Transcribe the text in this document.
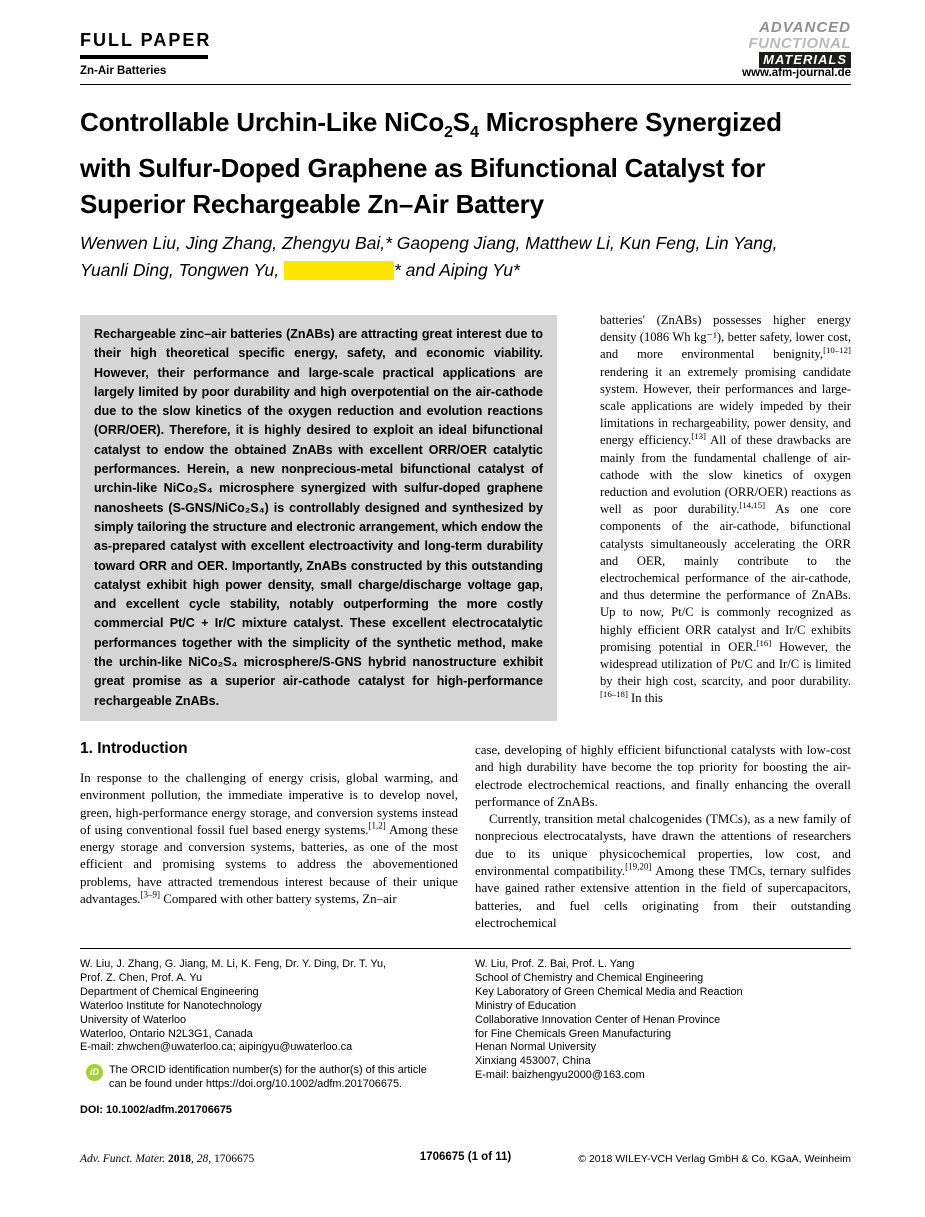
FULL PAPER
Zn-Air Batteries
ADVANCED
FUNCTIONAL
MATERIALS
www.afm-journal.de
Controllable Urchin-Like $NiCo_2S_4$ Microsphere Synergized
with Sulfur-Doped Graphene as Bifunctional Catalyst for
Superior Rechargeable Zn–Air Battery
Wenwen Liu, Jing Zhang, Zhengyu Bai,* Gaopeng Jiang, Matthew Li, Kun Feng, Lin Yang,
Yuanli Ding, Tongwen Yu,	* and Aiping Yu*

Rechargeable zinc–air batteries (ZnABs) are attracting great interest due to their high theoretical specific energy, safety, and economic viability. However, their performance and large-scale practical applications are largely limited by poor durability and high overpotential on the air-cathode due to the slow kinetics of the oxygen reduction and evolution reactions (ORR/OER). Therefore, it is highly desired to exploit an ideal bifunctional catalyst to endow the obtained ZnABs with excellent ORR/OER catalytic performances. Herein, a new nonprecious-metal bifunctional catalyst of urchin-like NiCo₂S₄ microsphere synergized with sulfur-doped graphene nanosheets (S-GNS/NiCo₂S₄) is controllably designed and synthesized by simply tailoring the structure and electronic arrangement, which endow the as-prepared catalyst with excellent electroactivity and long-term durability toward ORR and OER. Importantly, ZnABs constructed by this outstanding catalyst exhibit high power density, small charge/discharge voltage gap, and excellent cycle stability, notably outperforming the more costly commercial Pt/C + Ir/C mixture catalyst. These excellent electrocatalytic performances together with the simplicity of the synthetic method, make the urchin-like NiCo₂S₄ microsphere/S-GNS hybrid nanostructure exhibit great promise as a superior air-cathode catalyst for high-performance rechargeable ZnABs.

batteries' (ZnABs) possesses higher energy density (1086 Wh kg⁻¹), better safety, lower cost, and more environmental benignity,[10–12] rendering it an extremely promising candidate system. However, their performances and large-scale applications are widely impeded by their limitations in rechargeability, power density, and energy efficiency.[13] All of these drawbacks are mainly from the fundamental challenge of air-cathode with the slow kinetics of oxygen reduction and evolution (ORR/OER) reactions as well as poor durability.[14,15] As one core components of the air-cathode, bifunctional catalysts simultaneously accelerating the ORR and OER, mainly contribute to the electrochemical performance of the air-cathode, and thus determine the performance of ZnABs. Up to now, Pt/C is commonly recognized as highly efficient ORR catalyst and Ir/C exhibits promising potential in OER.[16] However, the widespread utilization of Pt/C and Ir/C is limited by their high cost, scarcity, and poor durability.[16–18] In this

1. Introduction

In response to the challenging of energy crisis, global warming, and environment pollution, the immediate imperative is to develop novel, green, high-performance energy storage, and conversion systems instead of using conventional fossil fuel based energy systems.[1,2] Among these energy storage and conversion systems, batteries, as one of the most efficient and promising systems to address the abovementioned problems, have attracted tremendous interest because of their unique advantages.[3–9] Compared with other battery systems, Zn–air

case, developing of highly efficient bifunctional catalysts with low-cost and high durability have become the top priority for boosting the air-electrode electrochemical reactions, and finally enhancing the overall performance of ZnABs.

Currently, transition metal chalcogenides (TMCs), as a new family of nonprecious electrocatalysts, have drawn the attentions of researchers due to its unique physicochemical properties, low cost, and environmental compatibility.[19,20] Among these TMCs, ternary sulfides have gained rather extensive attention in the field of supercapacitors, batteries, and fuel cells originating from their outstanding electrochemical

W. Liu, J. Zhang, G. Jiang, M. Li, K. Feng, Dr. Y. Ding, Dr. T. Yu,
Prof. Z. Chen, Prof. A. Yu
Department of Chemical Engineering
Waterloo Institute for Nanotechnology
University of Waterloo
Waterloo, Ontario N2L3G1, Canada
E-mail: zhwchen@uwaterloo.ca; aipingyu@uwaterloo.ca
iD The ORCID identification number(s) for the author(s) of this article can be found under https://doi.org/10.1002/adfm.201706675.
DOI: 10.1002/adfm.201706675
W. Liu, Prof. Z. Bai, Prof. L. Yang
School of Chemistry and Chemical Engineering
Key Laboratory of Green Chemical Media and Reaction
Ministry of Education
Collaborative Innovation Center of Henan Province
for Fine Chemicals Green Manufacturing
Henan Normal University
Xinxiang 453007, China
E-mail: baizhengyu2000@163.com
Adv. Funct. Mater. 2018, 28, 1706675	1706675 (1 of 11)	© 2018 WILEY-VCH Verlag GmbH & Co. KGaA, Weinheim
